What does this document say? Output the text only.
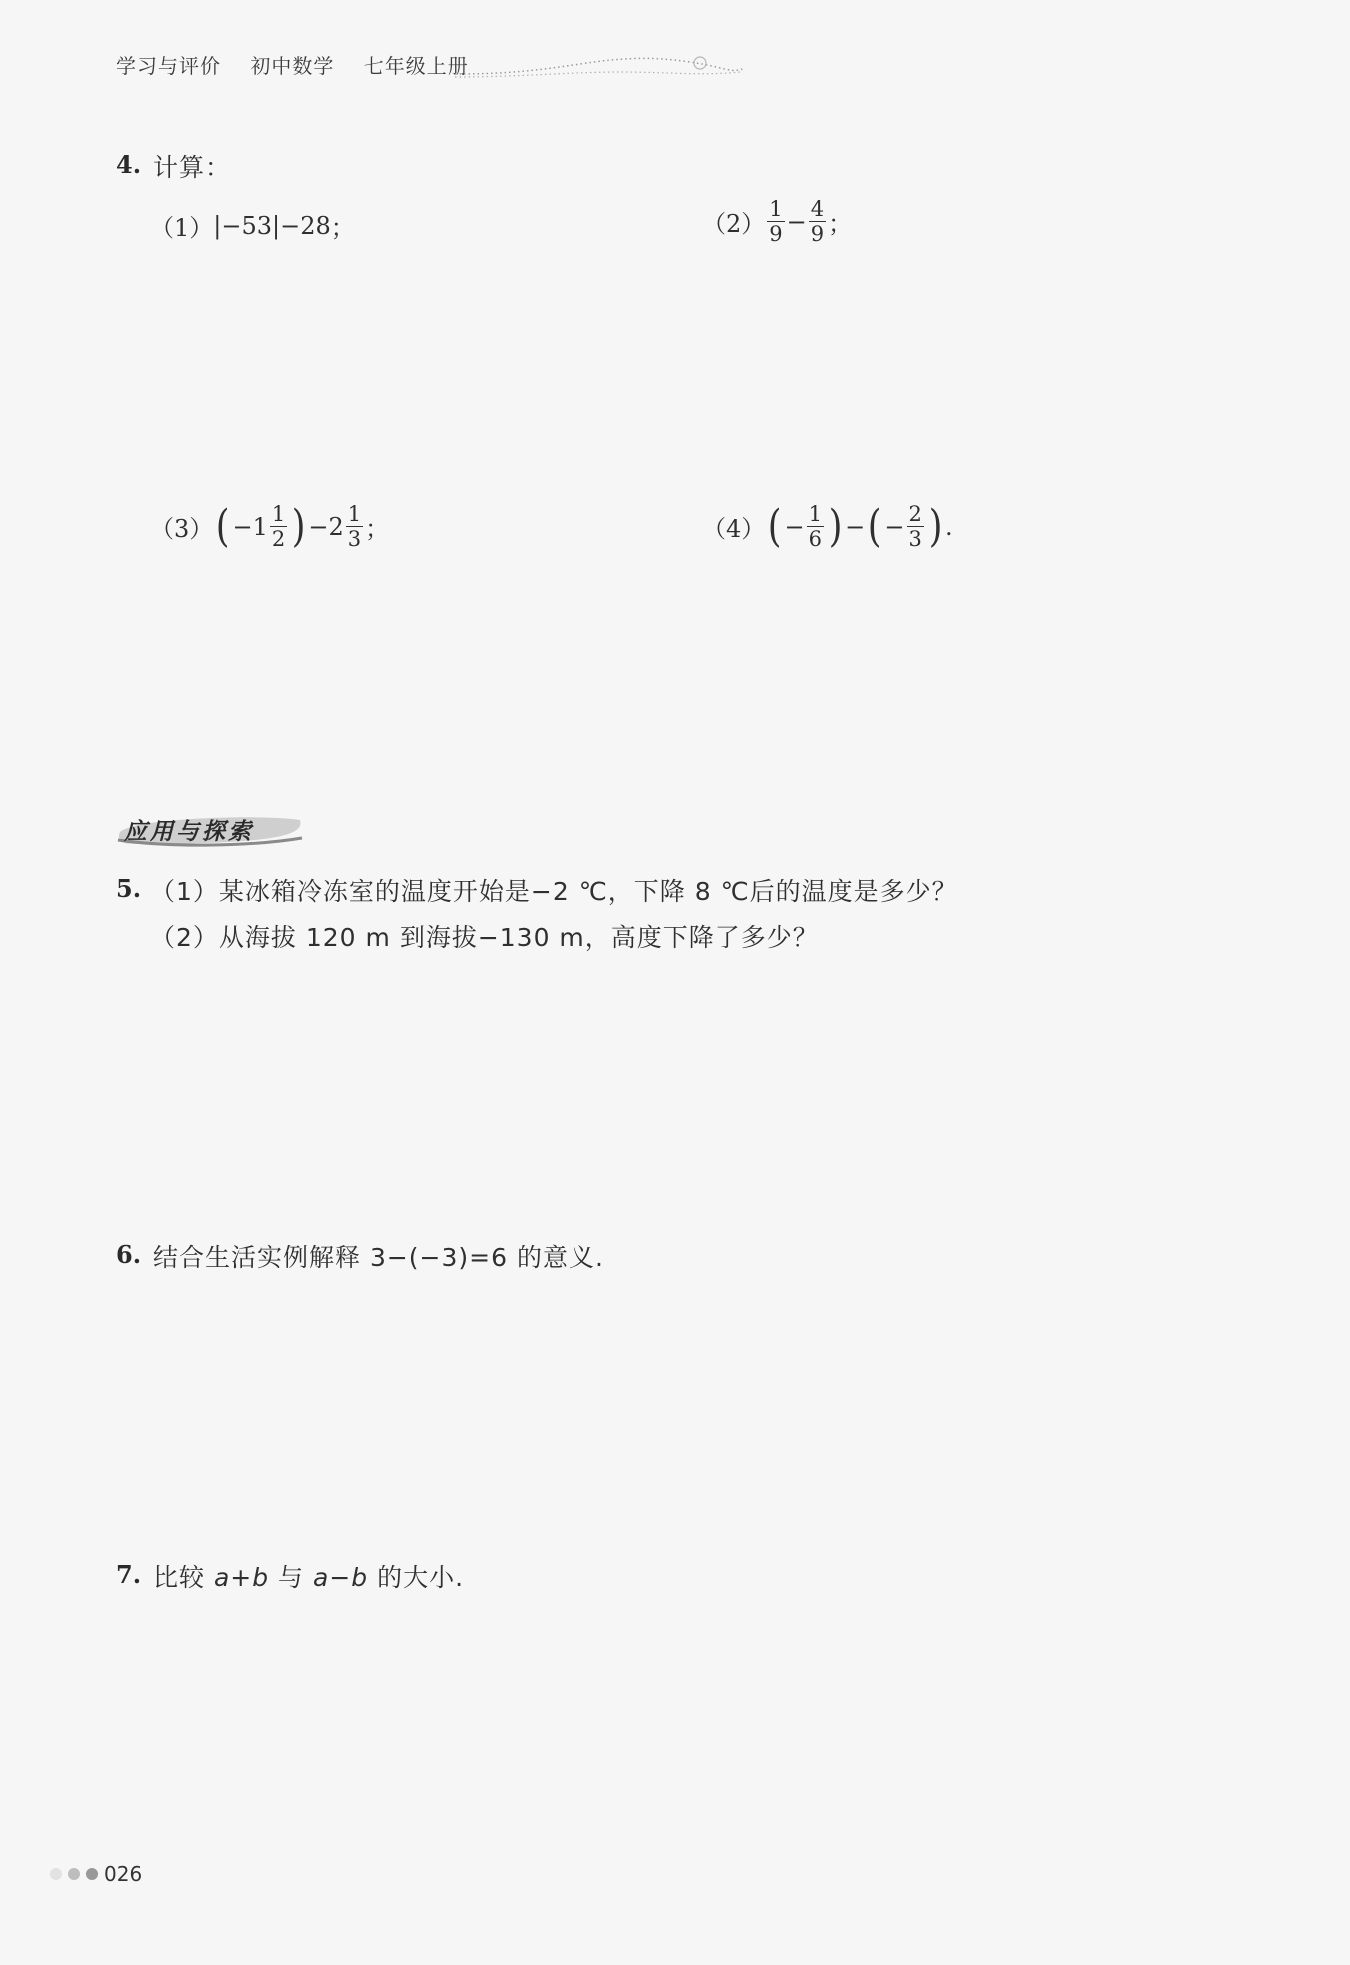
学习与评价 初中数学 七年级上册
4. 计算：
（1） |−53|−28 ；	$(2) \frac{1}{9} - \frac{4}{9}$ ；
（3） ( − $1 \frac{1}{2}$ ) − $2 \frac{1}{3}$ ；	（4） ( − $\frac{1}{6}$ ) − ( − $\frac{2}{3}$ ) .
应用与探索
5. （1）某冰箱冷冻室的温度开始是−2 ℃，下降 8 ℃后的温度是多少？
（2）从海拔 120 m 到海拔−130 m，高度下降了多少？
6. 结合生活实例解释 3−(−3)=6 的意义.
7. 比较 a+b 与 a−b 的大小.
026
